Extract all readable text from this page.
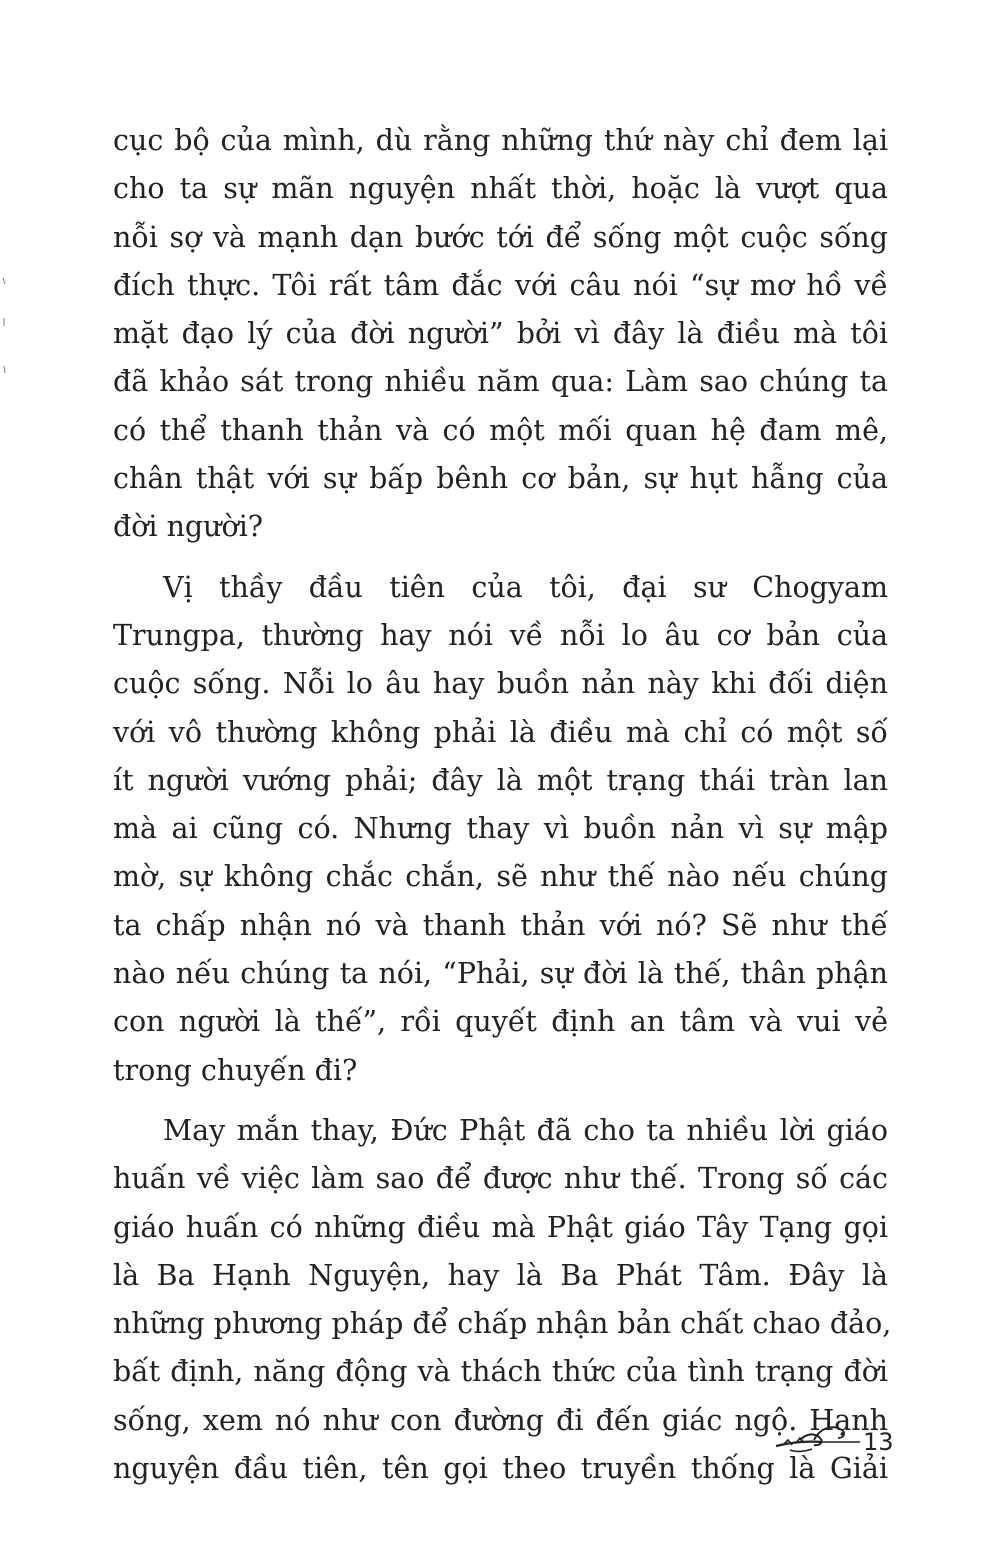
cục bộ của mình, dù rằng những thứ này chỉ đem lại
cho ta sự mãn nguyện nhất thời, hoặc là vượt qua
nỗi sợ và mạnh dạn bước tới để sống một cuộc sống
đích thực. Tôi rất tâm đắc với câu nói “sự mơ hồ về
mặt đạo lý của đời người” bởi vì đây là điều mà tôi
đã khảo sát trong nhiều năm qua: Làm sao chúng ta
có thể thanh thản và có một mối quan hệ đam mê,
chân thật với sự bấp bênh cơ bản, sự hụt hẫng của
đời người?
Vị thầy đầu tiên của tôi, đại sư Chogyam
Trungpa, thường hay nói về nỗi lo âu cơ bản của
cuộc sống. Nỗi lo âu hay buồn nản này khi đối diện
với vô thường không phải là điều mà chỉ có một số
ít người vướng phải; đây là một trạng thái tràn lan
mà ai cũng có. Nhưng thay vì buồn nản vì sự mập
mờ, sự không chắc chắn, sẽ như thế nào nếu chúng
ta chấp nhận nó và thanh thản với nó? Sẽ như thế
nào nếu chúng ta nói, “Phải, sự đời là thế, thân phận
con người là thế”, rồi quyết định an tâm và vui vẻ
trong chuyến đi?
May mắn thay, Đức Phật đã cho ta nhiều lời giáo
huấn về việc làm sao để được như thế. Trong số các
giáo huấn có những điều mà Phật giáo Tây Tạng gọi
là Ba Hạnh Nguyện, hay là Ba Phát Tâm. Đây là
những phương pháp để chấp nhận bản chất chao đảo,
bất định, năng động và thách thức của tình trạng đời
sống, xem nó như con đường đi đến giác ngộ. Hạnh
nguyện đầu tiên, tên gọi theo truyền thống là Giải
13
